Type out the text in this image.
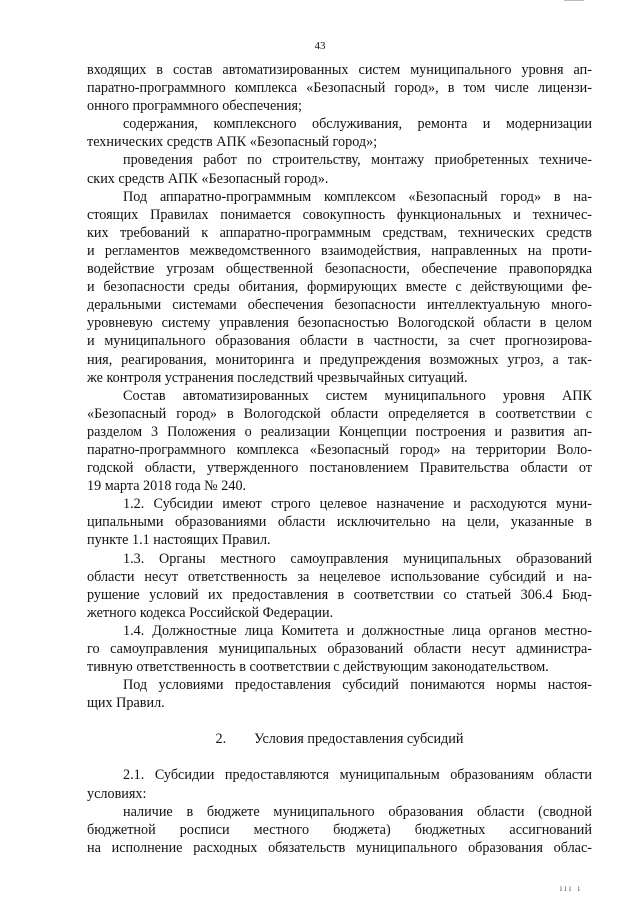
43
входящих в состав автоматизированных систем муниципального уровня ап-
паратно-программного комплекса «Безопасный город», в том числе лицензи-
онного программного обеспечения;
содержания, комплексного обслуживания, ремонта и модернизации
технических средств АПК «Безопасный город»;
проведения работ по строительству, монтажу приобретенных техниче-
ских средств АПК «Безопасный город».
Под аппаратно-программным комплексом «Безопасный город» в на-
стоящих Правилах понимается совокупность функциональных и техничес-
ких требований к аппаратно-программным средствам, технических средств
и регламентов межведомственного взаимодействия, направленных на проти-
водействие угрозам общественной безопасности, обеспечение правопорядка
и безопасности среды обитания, формирующих вместе с действующими фе-
деральными системами обеспечения безопасности интеллектуальную много-
уровневую систему управления безопасностью Вологодской области в целом
и муниципального образования области в частности, за счет прогнозирова-
ния, реагирования, мониторинга и предупреждения возможных угроз, а так-
же контроля устранения последствий чрезвычайных ситуаций.
Состав автоматизированных систем муниципального уровня АПК
«Безопасный город» в Вологодской области определяется в соответствии с
разделом 3 Положения о реализации Концепции построения и развития ап-
паратно-программного комплекса «Безопасный город» на территории Воло-
годской области, утвержденного постановлением Правительства области от
19 марта 2018 года № 240.
1.2. Субсидии имеют строго целевое назначение и расходуются муни-
ципальными образованиями области исключительно на цели, указанные в
пункте 1.1 настоящих Правил.
1.3. Органы местного самоуправления муниципальных образований
области несут ответственность за нецелевое использование субсидий и на-
рушение условий их предоставления в соответствии со статьей 306.4 Бюд-
жетного кодекса Российской Федерации.
1.4. Должностные лица Комитета и должностные лица органов местно-
го самоуправления муниципальных образований области несут администра-
тивную ответственность в соответствии с действующим законодательством.
Под условиями предоставления субсидий понимаются нормы настоя-
щих Правил.
2. Условия предоставления субсидий
2.1. Субсидии предоставляются муниципальным образованиям области
условиях:
наличие в бюджете муниципального образования области (сводной
бюджетной росписи местного бюджета) бюджетных ассигнований
на исполнение расходных обязательств муниципального образования облас-
ııı ı
